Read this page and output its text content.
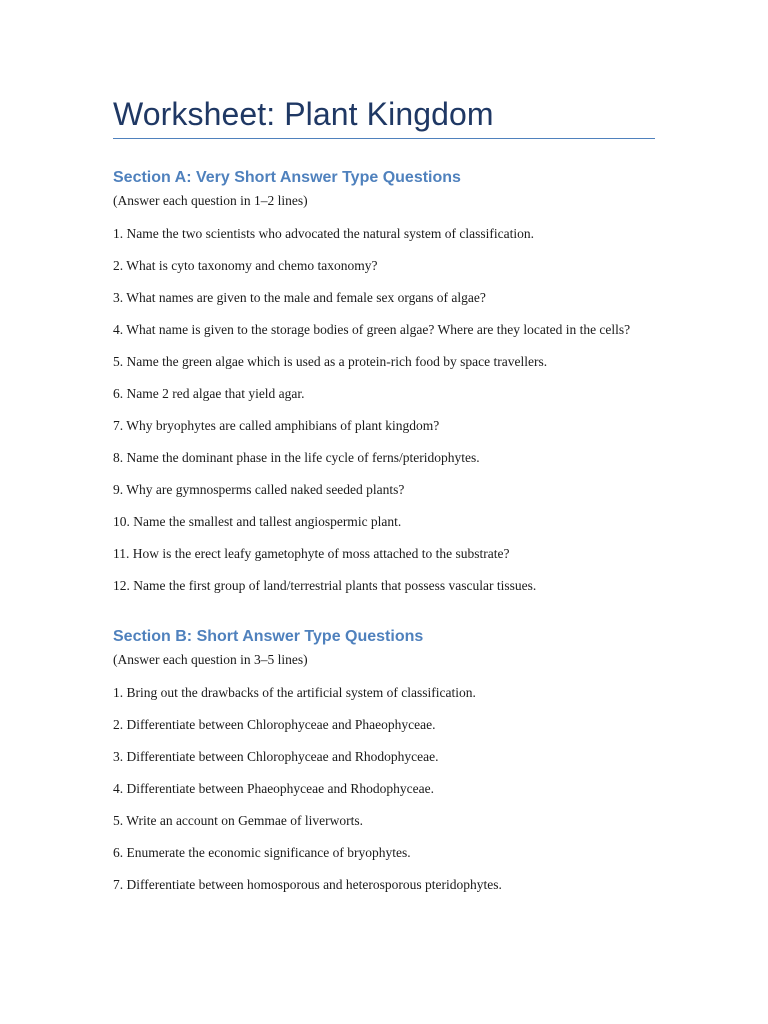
Worksheet: Plant Kingdom
Section A: Very Short Answer Type Questions

(Answer each question in 1–2 lines)

1. Name the two scientists who advocated the natural system of classification.

2. What is cyto taxonomy and chemo taxonomy?

3. What names are given to the male and female sex organs of algae?

4. What name is given to the storage bodies of green algae? Where are they located in the cells?

5. Name the green algae which is used as a protein-rich food by space travellers.

6. Name 2 red algae that yield agar.

7. Why bryophytes are called amphibians of plant kingdom?

8. Name the dominant phase in the life cycle of ferns/pteridophytes.

9. Why are gymnosperms called naked seeded plants?

10. Name the smallest and tallest angiospermic plant.

11. How is the erect leafy gametophyte of moss attached to the substrate?

12. Name the first group of land/terrestrial plants that possess vascular tissues.

Section B: Short Answer Type Questions

(Answer each question in 3–5 lines)

1. Bring out the drawbacks of the artificial system of classification.

2. Differentiate between Chlorophyceae and Phaeophyceae.

3. Differentiate between Chlorophyceae and Rhodophyceae.

4. Differentiate between Phaeophyceae and Rhodophyceae.

5. Write an account on Gemmae of liverworts.

6. Enumerate the economic significance of bryophytes.

7. Differentiate between homosporous and heterosporous pteridophytes.
